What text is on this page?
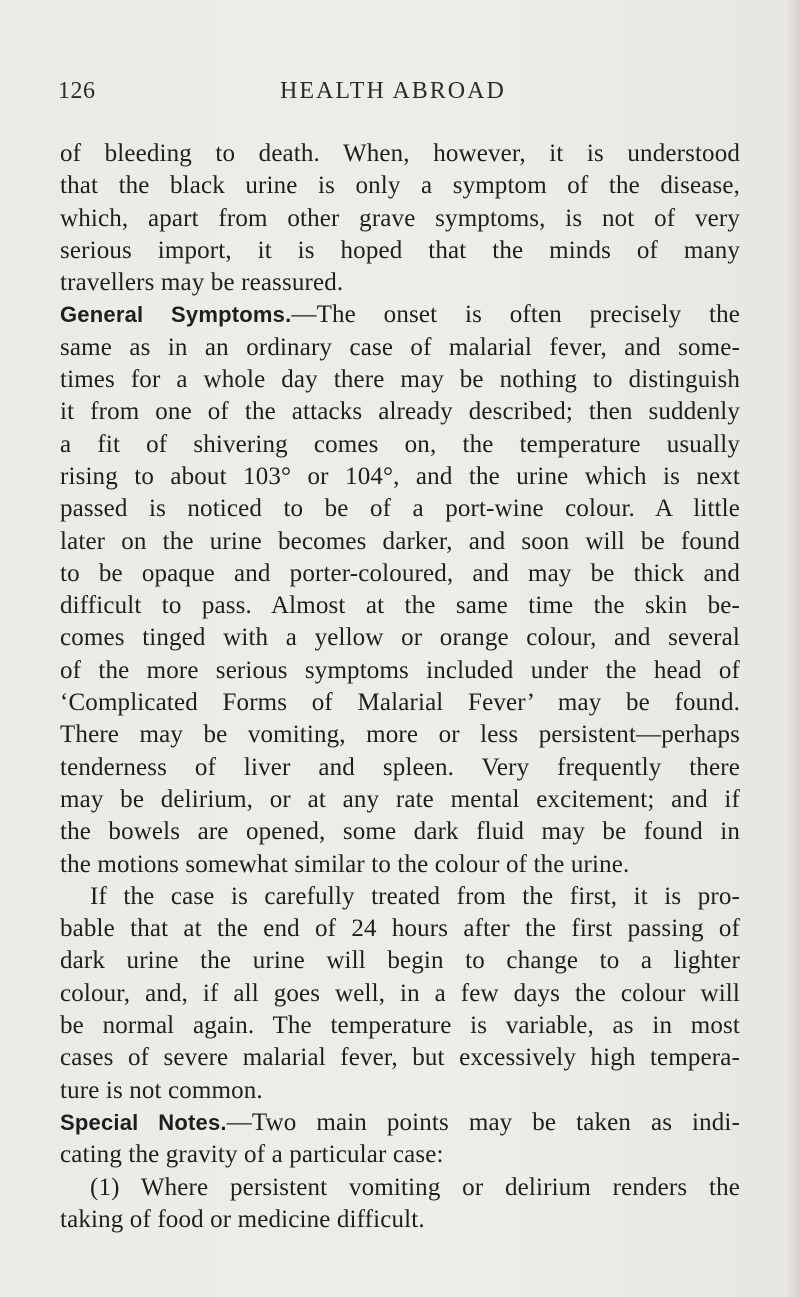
126	HEALTH ABROAD
of bleeding to death. When, however, it is understood
that the black urine is only a symptom of the disease,
which, apart from other grave symptoms, is not of very
serious import, it is hoped that the minds of many
travellers may be reassured.
General Symptoms.—The onset is often precisely the
same as in an ordinary case of malarial fever, and some-
times for a whole day there may be nothing to distinguish
it from one of the attacks already described; then suddenly
a fit of shivering comes on, the temperature usually
rising to about 103° or 104°, and the urine which is next
passed is noticed to be of a port-wine colour. A little
later on the urine becomes darker, and soon will be found
to be opaque and porter-coloured, and may be thick and
difficult to pass. Almost at the same time the skin be-
comes tinged with a yellow or orange colour, and several
of the more serious symptoms included under the head of
‘Complicated Forms of Malarial Fever’ may be found.
There may be vomiting, more or less persistent—perhaps
tenderness of liver and spleen. Very frequently there
may be delirium, or at any rate mental excitement; and if
the bowels are opened, some dark fluid may be found in
the motions somewhat similar to the colour of the urine.
If the case is carefully treated from the first, it is pro-
bable that at the end of 24 hours after the first passing of
dark urine the urine will begin to change to a lighter
colour, and, if all goes well, in a few days the colour will
be normal again. The temperature is variable, as in most
cases of severe malarial fever, but excessively high tempera-
ture is not common.
Special Notes.—Two main points may be taken as indi-
cating the gravity of a particular case:
(1) Where persistent vomiting or delirium renders the
taking of food or medicine difficult.
